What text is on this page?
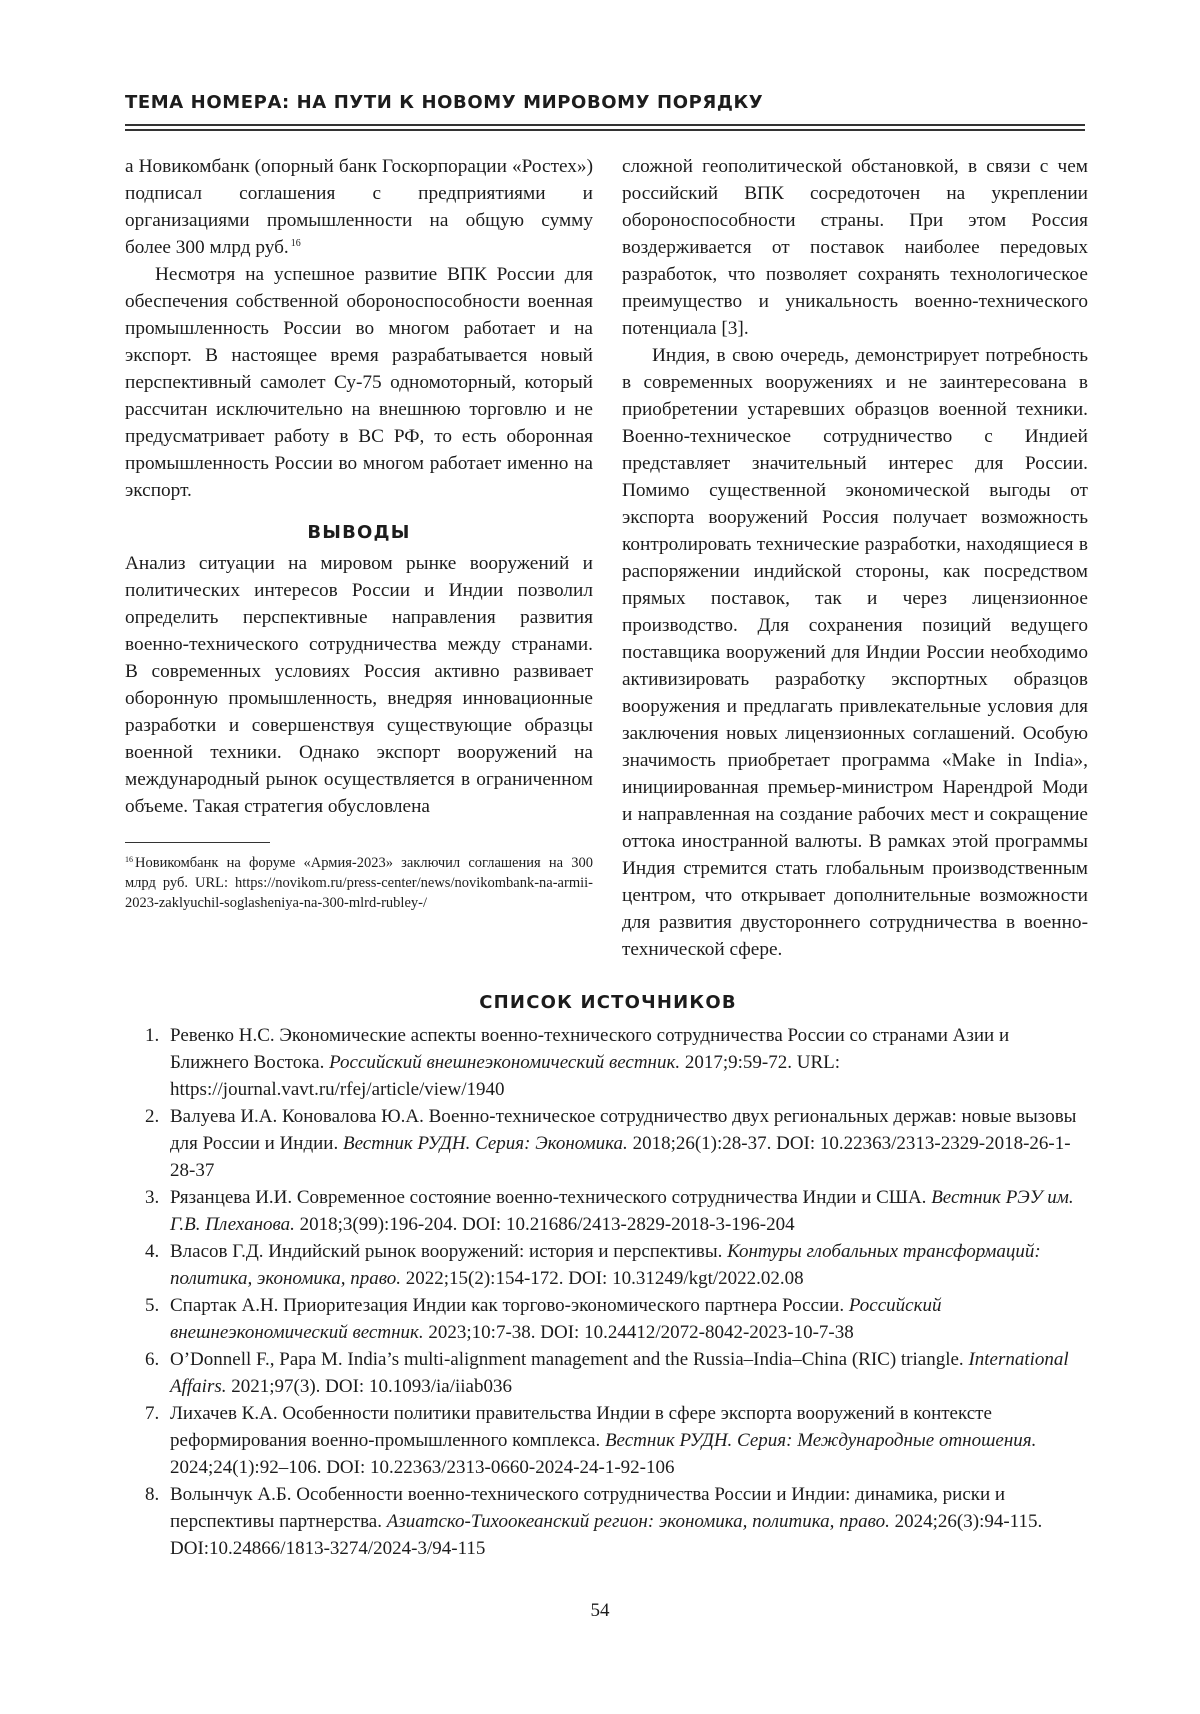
ТЕМА НОМЕРА: НА ПУТИ К НОВОМУ МИРОВОМУ ПОРЯДКУ

а Новикомбанк (опорный банк Госкорпорации «Ростех») подписал соглашения с предприятиями и организациями промышленности на общую сумму более 300 млрд руб. $^{16}$

Несмотря на успешное развитие ВПК России для обеспечения собственной обороноспособности военная промышленность России во многом работает и на экспорт. В настоящее время разрабатывается новый перспективный самолет Су-75 одномоторный, который рассчитан исключительно на внешнюю торговлю и не предусматривает работу в ВС РФ, то есть оборонная промышленность России во многом работает именно на экспорт.

ВЫВОДЫ

Анализ ситуации на мировом рынке вооружений и политических интересов России и Индии позволил определить перспективные направления развития военно-технического сотрудничества между странами. В современных условиях Россия активно развивает оборонную промышленность, внедряя инновационные разработки и совершенствуя существующие образцы военной техники. Однако экспорт вооружений на международный рынок осуществляется в ограниченном объеме. Такая стратегия обусловлена

$^{16}$ Новикомбанк на форуме «Армия-2023» заключил соглашения на 300 млрд руб. URL: https://novikom.ru/press-center/news/novikombank-na-armii-2023-zaklyuchil-soglasheniya-na-300-mlrd-rubley-/

сложной геополитической обстановкой, в связи с чем российский ВПК сосредоточен на укреплении обороноспособности страны. При этом Россия воздерживается от поставок наиболее передовых разработок, что позволяет сохранять технологическое преимущество и уникальность военно-технического потенциала [3].

Индия, в свою очередь, демонстрирует потребность в современных вооружениях и не заинтересована в приобретении устаревших образцов военной техники. Военно-техническое сотрудничество с Индией представляет значительный интерес для России. Помимо существенной экономической выгоды от экспорта вооружений Россия получает возможность контролировать технические разработки, находящиеся в распоряжении индийской стороны, как посредством прямых поставок, так и через лицензионное производство. Для сохранения позиций ведущего поставщика вооружений для Индии России необходимо активизировать разработку экспортных образцов вооружения и предлагать привлекательные условия для заключения новых лицензионных соглашений. Особую значимость приобретает программа «Make in India», инициированная премьер-министром Нарендрой Моди и направленная на создание рабочих мест и сокращение оттока иностранной валюты. В рамках этой программы Индия стремится стать глобальным производственным центром, что открывает дополнительные возможности для развития двустороннего сотрудничества в военно-технической сфере.

СПИСОК ИСТОЧНИКОВ
1. Ревенко Н.С. Экономические аспекты военно-технического сотрудничества России со странами Азии и Ближнего Востока. Российский внешнеэкономический вестник. 2017;9:59-72. URL: https://journal.vavt.ru/rfej/article/view/1940
2. Валуева И.А. Коновалова Ю.А. Военно-техническое сотрудничество двух региональных держав: новые вызовы для России и Индии. Вестник РУДН. Серия: Экономика. 2018;26(1):28-37. DOI: 10.22363/2313-2329-2018-26-1-28-37
3. Рязанцева И.И. Современное состояние военно-технического сотрудничества Индии и США. Вестник РЭУ им. Г.В. Плеханова. 2018;3(99):196-204. DOI: 10.21686/2413-2829-2018-3-196-204
4. Власов Г.Д. Индийский рынок вооружений: история и перспективы. Контуры глобальных трансформаций: политика, экономика, право. 2022;15(2):154-172. DOI: 10.31249/kgt/2022.02.08
5. Спартак А.Н. Приоритезация Индии как торгово-экономического партнера России. Российский внешнеэкономический вестник. 2023;10:7-38. DOI: 10.24412/2072-8042-2023-10-7-38
6. O’Donnell F., Papa M. India’s multi-alignment management and the Russia–India–China (RIC) triangle. International Affairs. 2021;97(3). DOI: 10.1093/ia/iiab036
7. Лихачев К.А. Особенности политики правительства Индии в сфере экспорта вооружений в контексте реформирования военно-промышленного комплекса. Вестник РУДН. Серия: Международные отношения. 2024;24(1):92–106. DOI: 10.22363/2313-0660-2024-24-1-92-106
8. Волынчук А.Б. Особенности военно-технического сотрудничества России и Индии: динамика, риски и перспективы партнерства. Азиатско-Тихоокеанский регион: экономика, политика, право. 2024;26(3):94-115. DOI:10.24866/1813-3274/2024-3/94-115
54
